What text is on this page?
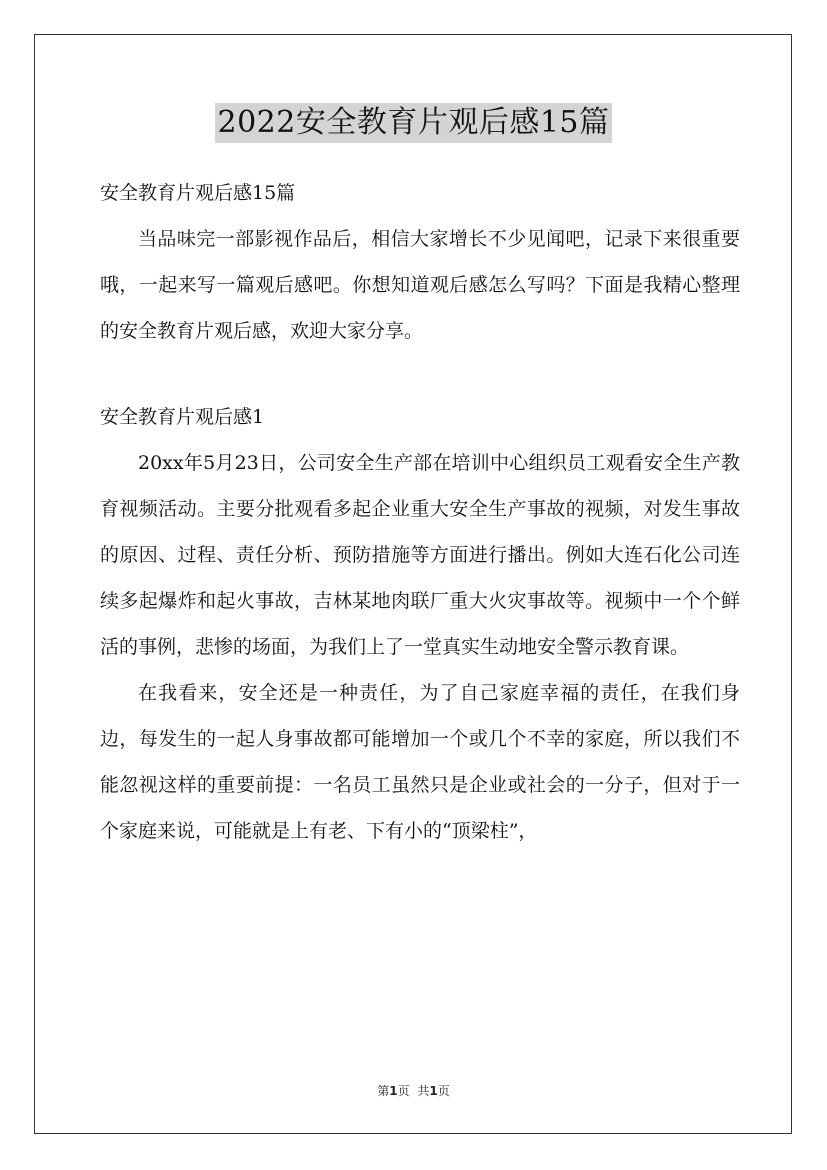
2022安全教育片观后感15篇

安全教育片观后感15篇

当品味完一部影视作品后，相信大家增长不少见闻吧，记录下来很重要哦，一起来写一篇观后感吧。你想知道观后感怎么写吗？下面是我精心整理的安全教育片观后感，欢迎大家分享。

安全教育片观后感1

20xx年5月23日，公司安全生产部在培训中心组织员工观看安全生产教育视频活动。主要分批观看多起企业重大安全生产事故的视频，对发生事故的原因、过程、责任分析、预防措施等方面进行播出。例如大连石化公司连续多起爆炸和起火事故，吉林某地肉联厂重大火灾事故等。视频中一个个鲜活的事例，悲惨的场面，为我们上了一堂真实生动地安全警示教育课。

在我看来，安全还是一种责任，为了自己家庭幸福的责任，在我们身边，每发生的一起人身事故都可能增加一个或几个不幸的家庭，所以我们不能忽视这样的重要前提：一名员工虽然只是企业或社会的一分子，但对于一个家庭来说，可能就是上有老、下有小的“顶梁柱”，

第1页 共1页
